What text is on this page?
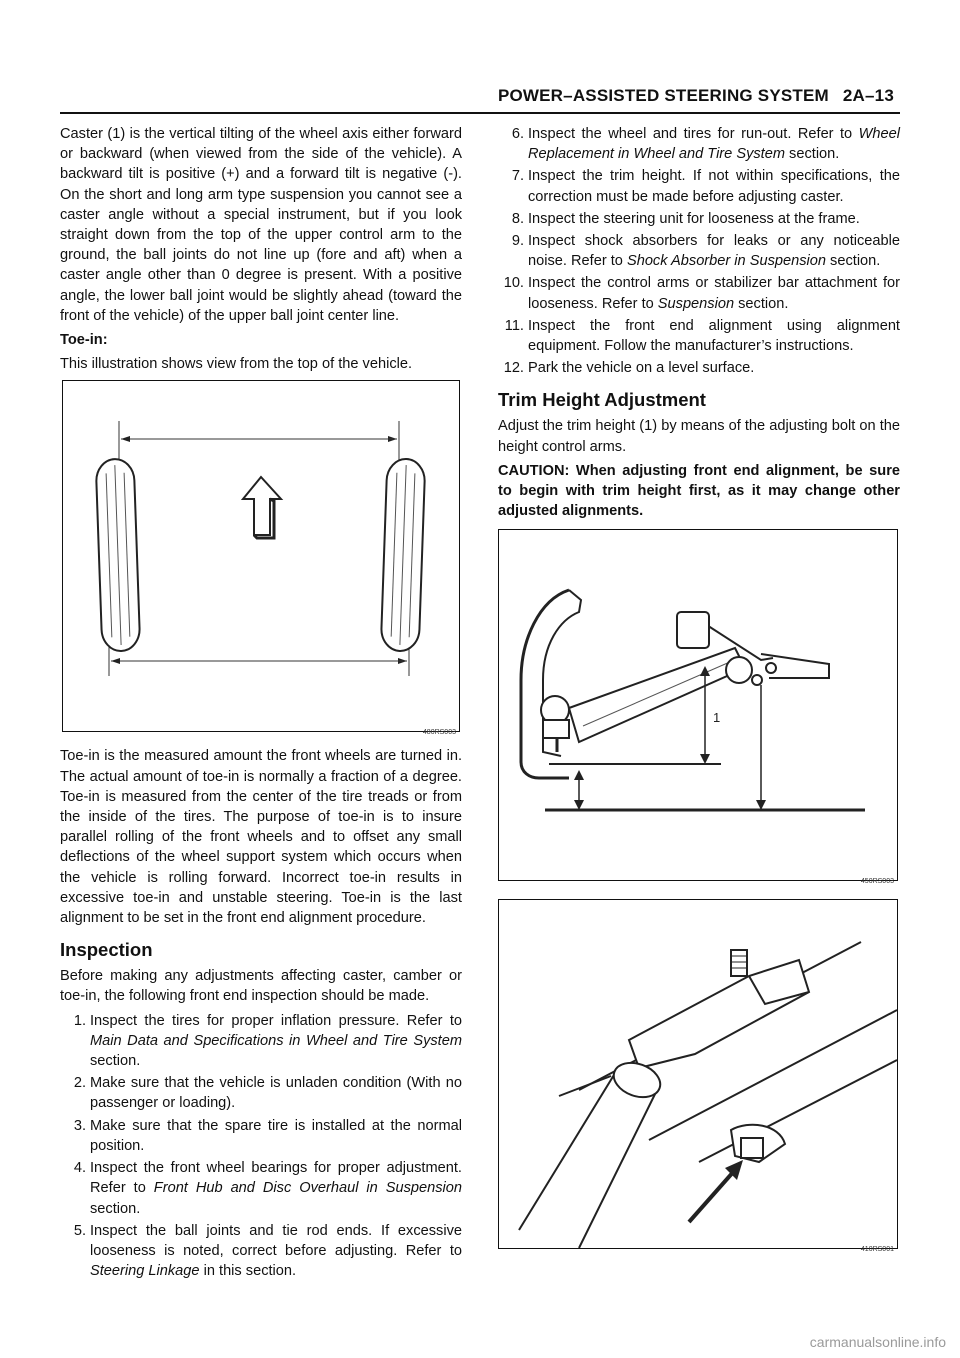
POWER–ASSISTED STEERING SYSTEM 2A–13

Caster (1) is the vertical tilting of the wheel axis either forward or backward (when viewed from the side of the vehicle). A backward tilt is positive (+) and a forward tilt is negative (-). On the short and long arm type suspension you cannot see a caster angle without a special instrument, but if you look straight down from the top of the upper control arm to the ground, the ball joints do not line up (fore and aft) when a caster angle other than 0 degree is present. With a positive angle, the lower ball joint would be slightly ahead (toward the front of the vehicle) of the upper ball joint center line.

Toe-in:

This illustration shows view from the top of the vehicle.

480RS003

Toe-in is the measured amount the front wheels are turned in. The actual amount of toe-in is normally a fraction of a degree. Toe-in is measured from the center of the tire treads or from the inside of the tires. The purpose of toe-in is to insure parallel rolling of the front wheels and to offset any small deflections of the wheel support system which occurs when the vehicle is rolling forward. Incorrect toe-in results in excessive toe-in and unstable steering. Toe-in is the last alignment to be set in the front end alignment procedure.

Inspection

Before making any adjustments affecting caster, camber or toe-in, the following front end inspection should be made.

1. Inspect the tires for proper inflation pressure. Refer to Main Data and Specifications in Wheel and Tire System section.
2. Make sure that the vehicle is unladen condition (With no passenger or loading).
3. Make sure that the spare tire is installed at the normal position.
4. Inspect the front wheel bearings for proper adjustment. Refer to Front Hub and Disc Overhaul in Suspension section.
5. Inspect the ball joints and tie rod ends. If excessive looseness is noted, correct before adjusting. Refer to Steering Linkage in this section.
6. Inspect the wheel and tires for run-out. Refer to Wheel Replacement in Wheel and Tire System section.
7. Inspect the trim height. If not within specifications, the correction must be made before adjusting caster.
8. Inspect the steering unit for looseness at the frame.
9. Inspect shock absorbers for leaks or any noticeable noise. Refer to Shock Absorber in Suspension section.
10. Inspect the control arms or stabilizer bar attachment for looseness. Refer to Suspension section.
11. Inspect the front end alignment using alignment equipment. Follow the manufacturer’s instructions.
12. Park the vehicle on a level surface.
Trim Height Adjustment

Adjust the trim height (1) by means of the adjusting bolt on the height control arms.

CAUTION: When adjusting front end alignment, be sure to begin with trim height first, as it may change other adjusted alignments.

1
450RS003
410RS001
carmanualsonline.info
